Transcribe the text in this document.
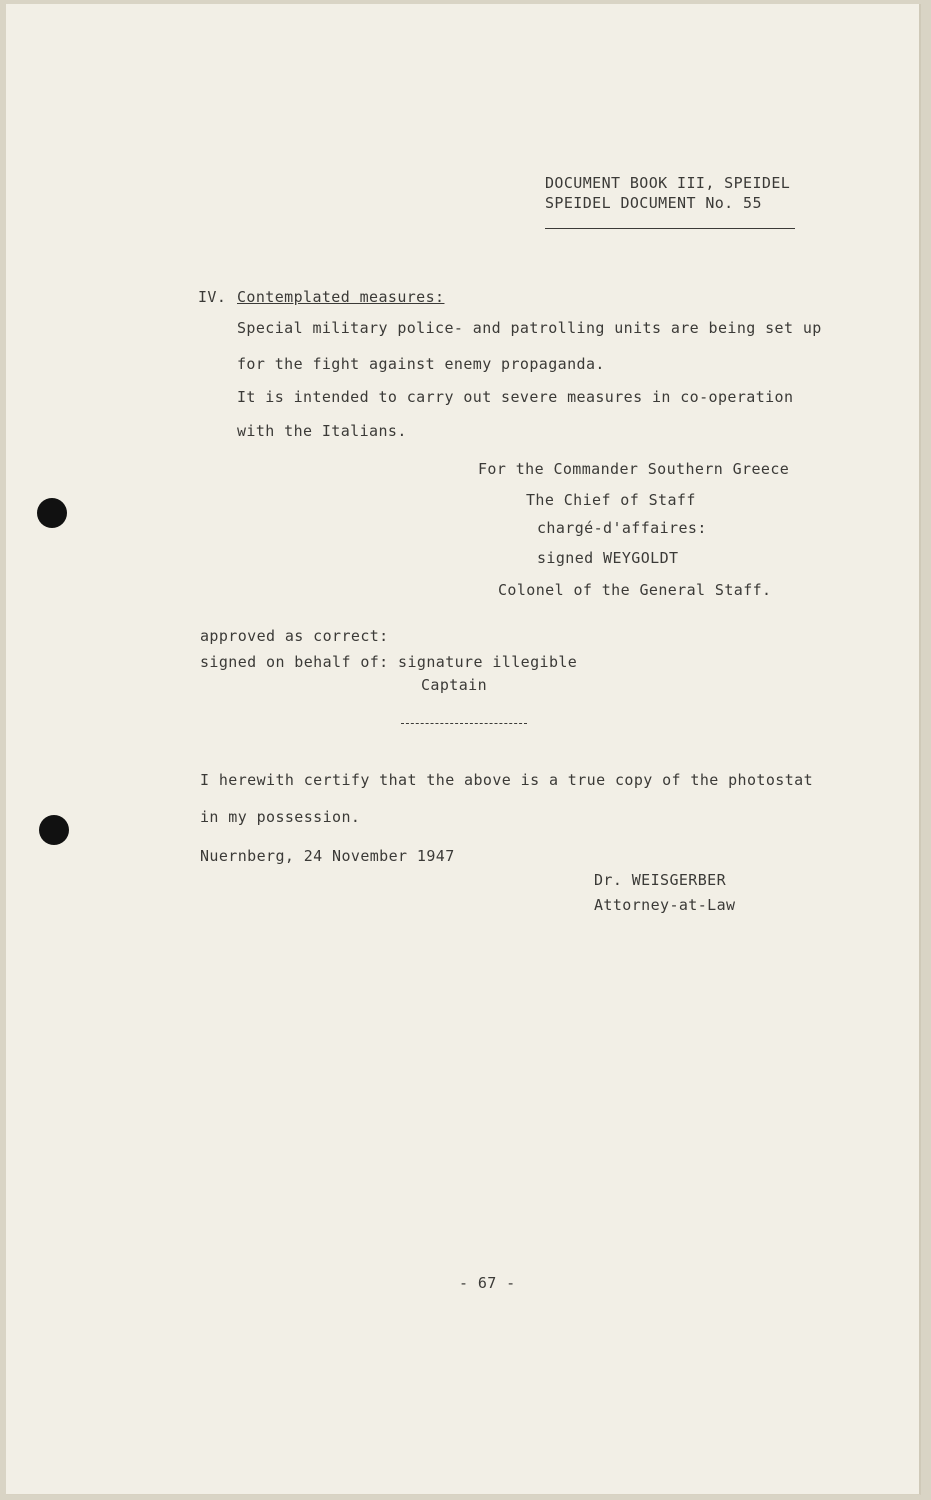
DOCUMENT BOOK III, SPEIDEL
SPEIDEL DOCUMENT No. 55
IV. Contemplated measures:
Special military police- and patrolling units are being set up
for the fight against enemy propaganda.
It is intended to carry out severe measures in co-operation
with the Italians.
For the Commander Southern Greece
The Chief of Staff
chargé-d'affaires:
signed WEYGOLDT
Colonel of the General Staff.
approved as correct:
signed on behalf of: signature illegible
Captain
I herewith certify that the above is a true copy of the photostat
in my possession.
Nuernberg, 24 November 1947
Dr. WEISGERBER
Attorney-at-Law
- 67 -
